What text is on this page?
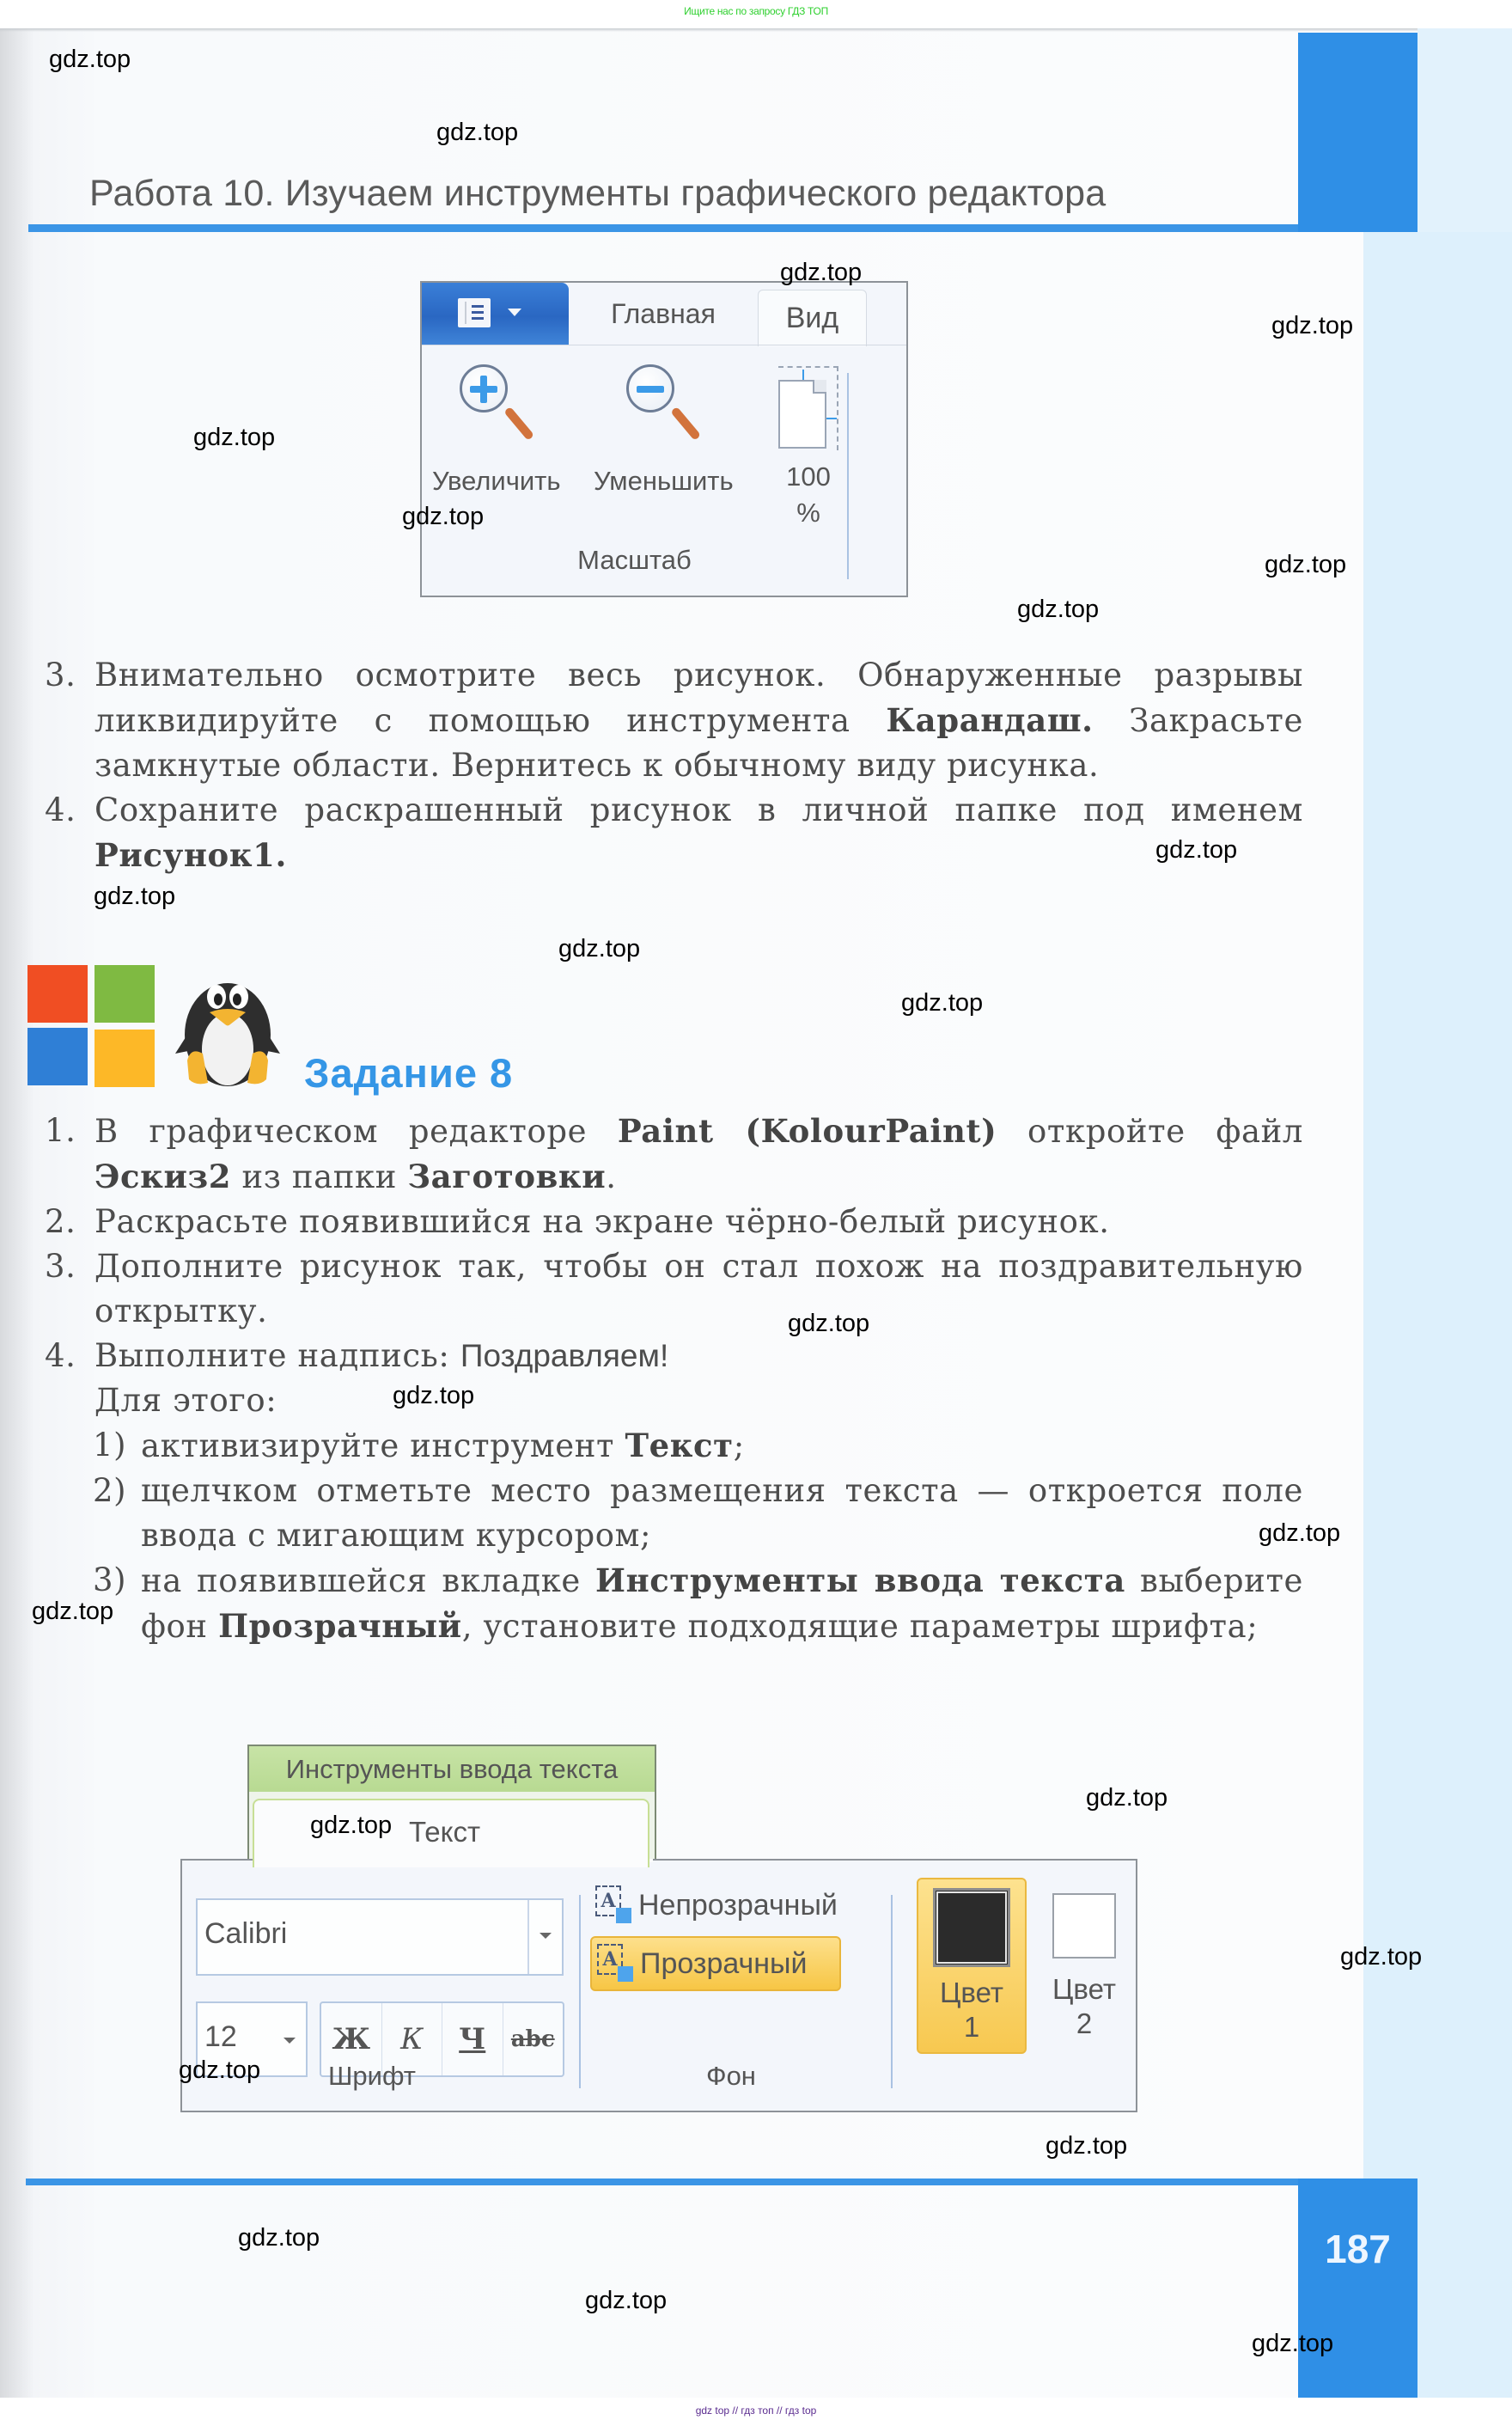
Ищите нас по запросу ГДЗ ТОП
Работа 10. Изучаем инструменты графического редактора
Главная	Вид
Увеличить Уменьшить 100
%
Масштаб
3. Внимательно осмотрите весь рисунок. Обнаруженные разрывы ликвидируйте с помощью инструмента Карандаш. Закрасьте замкнутые области. Вернитесь к обычному виду рисунка.
4. Сохраните раскрашенный рисунок в личной папке под именем Рисунок1.
Задание 8
1. В графическом редакторе Paint (KolourPaint) откройте файл Эскиз2 из папки Заготовки.
2. Раскрасьте появившийся на экране чёрно-белый рисунок.
3. Дополните рисунок так, чтобы он стал похож на поздравительную открытку.
4. Выполните надпись: Поздравляем!
Для этого:
1) активизируйте инструмент Текст;
2) щелчком отметьте место размещения текста — откроется поле ввода с мигающим курсором;
3) на появившейся вкладке Инструменты ввода текста выберите фон Прозрачный, установите подходящие параметры шрифта;
Инструменты ввода текста
Calibri
12	Ж	К	Ч	abc
Шрифт
A Непрозрачный
A Прозрачный
Фон
Цвет
1
Цвет
2
Текст
187
gdz.top
gdz.top
gdz.top
gdz.top
gdz.top
gdz.top
gdz.top
gdz.top
gdz.top
gdz.top
gdz.top
gdz.top
gdz.top
gdz.top
gdz.top
gdz.top
gdz.top
gdz.top
gdz.top
gdz.top
gdz.top
gdz.top
gdz.top
gdz.top
gdz top // гдз топ // гдз top
